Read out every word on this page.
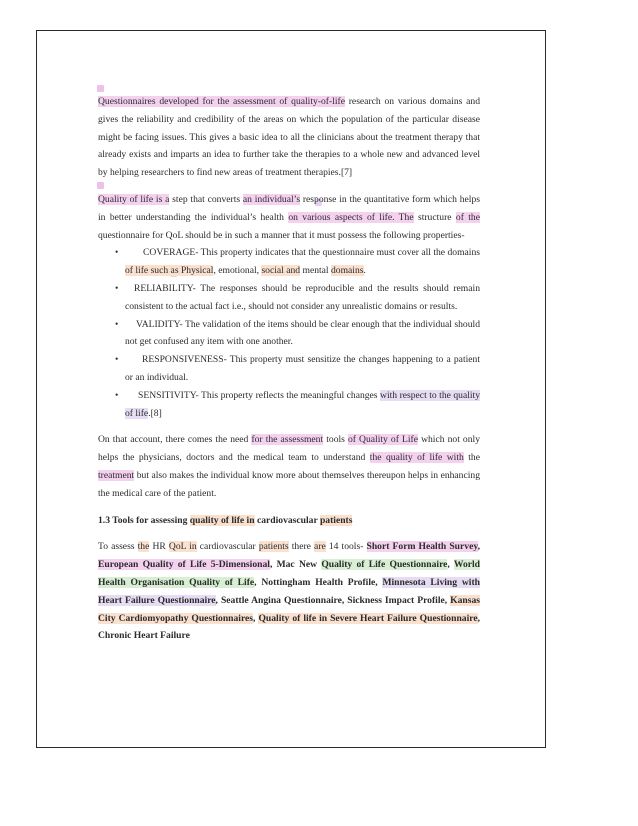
Questionnaires developed for the assessment of quality-of-life research on various domains and gives the reliability and credibility of the areas on which the population of the particular disease might be facing issues. This gives a basic idea to all the clinicians about the treatment therapy that already exists and imparts an idea to further take the therapies to a whole new and advanced level by helping researchers to find new areas of treatment therapies.[7]

Quality of life is a step that converts an individual’s response in the quantitative form which helps in better understanding the individual’s health on various aspects of life. The structure of the questionnaire for QoL should be in such a manner that it must possess the following properties-

•	COVERAGE- This property indicates that the questionnaire must cover all the domains of life such as Physical, emotional, social and mental domains.
• RELIABILITY- The responses should be reproducible and the results should remain consistent to the actual fact i.e., should not consider any unrealistic domains or results.
• VALIDITY- The validation of the items should be clear enough that the individual should not get confused any item with one another.
• RESPONSIVENESS- This property must sensitize the changes happening to a patient or an individual.
• SENSITIVITY- This property reflects the meaningful changes with respect to the quality of life.[8]

On that account, there comes the need for the assessment tools of Quality of Life which not only helps the physicians, doctors and the medical team to understand the quality of life with the treatment but also makes the individual know more about themselves thereupon helps in enhancing the medical care of the patient.

1.3 Tools for assessing quality of life in cardiovascular patients

To assess the HR QoL in cardiovascular patients there are 14 tools- Short Form Health Survey, European Quality of Life 5-Dimensional, Mac New Quality of Life Questionnaire, World Health Organisation Quality of Life, Nottingham Health Profile, Minnesota Living with Heart Failure Questionnaire, Seattle Angina Questionnaire, Sickness Impact Profile, Kansas City Cardiomyopathy Questionnaires, Quality of life in Severe Heart Failure Questionnaire, Chronic Heart Failure
